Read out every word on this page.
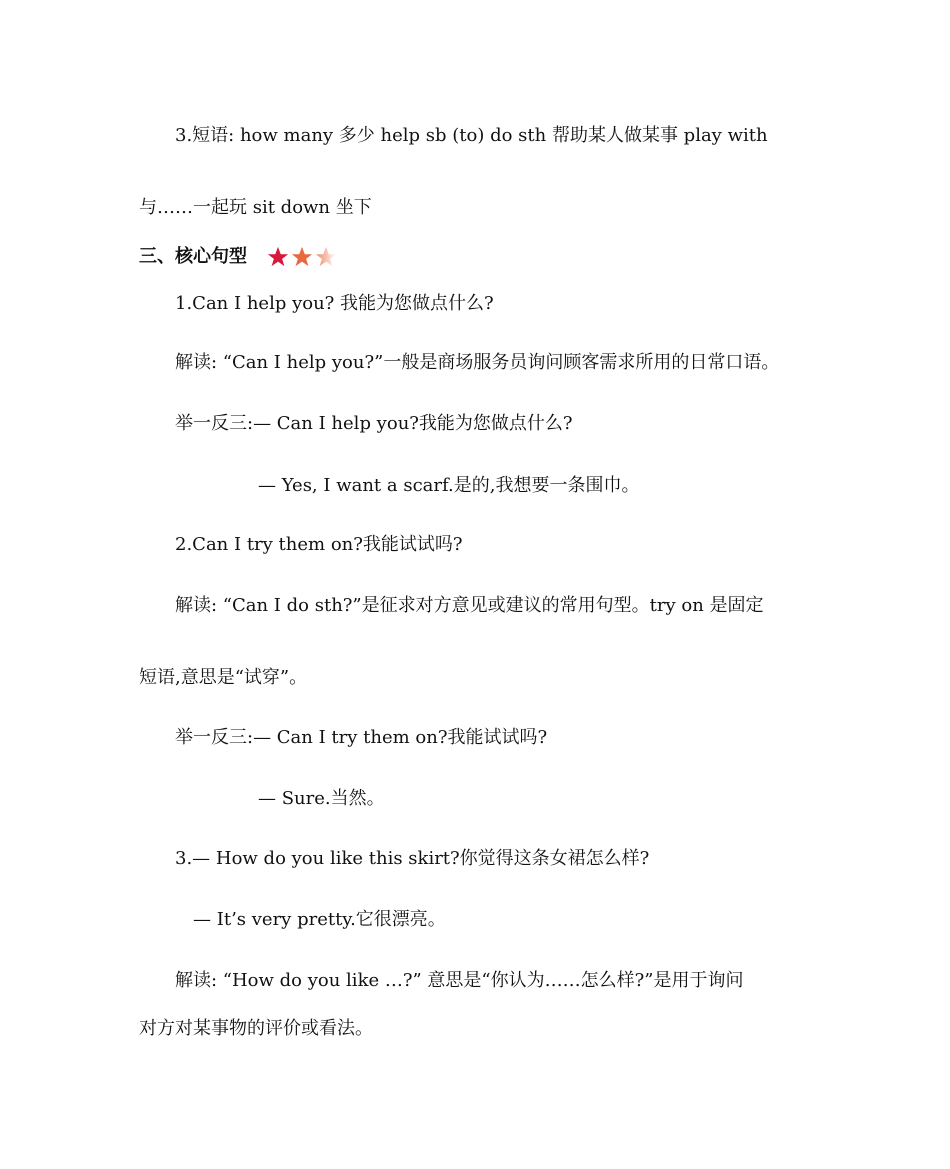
3.短语: how many 多少 help sb (to) do sth 帮助某人做某事 play with
与……一起玩 sit down 坐下
三、核心句型
1.Can I help you? 我能为您做点什么?
解读: “Can I help you?”一般是商场服务员询问顾客需求所用的日常口语。
举一反三:— Can I help you?我能为您做点什么?
— Yes, I want a scarf.是的,我想要一条围巾。
2.Can I try them on?我能试试吗?
解读: “Can I do sth?”是征求对方意见或建议的常用句型。try on 是固定
短语,意思是“试穿”。
举一反三:— Can I try them on?我能试试吗?
— Sure.当然。
3.— How do you like this skirt?你觉得这条女裙怎么样?
— It’s very pretty.它很漂亮。
解读: “How do you like …?” 意思是“你认为……怎么样?”是用于询问
对方对某事物的评价或看法。
